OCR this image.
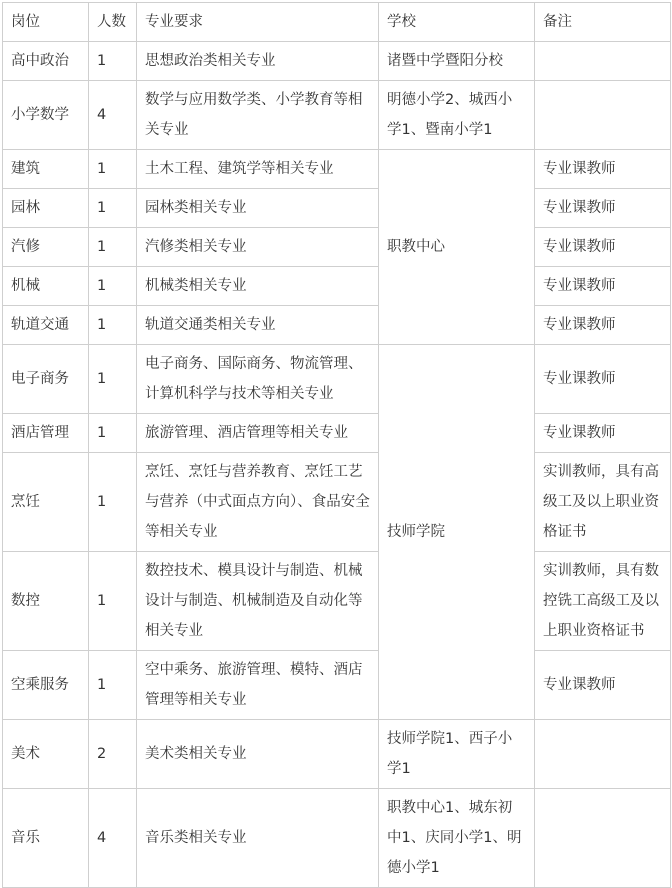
岗位	人数	专业要求	学校	备注
高中政治	1	思想政治类相关专业	诸暨中学暨阳分校	
小学数学	4	数学与应用数学类、小学教育等相关专业	明德小学2、城西小学1、暨南小学1	
建筑	1	土木工程、建筑学等相关专业	职教中心	专业课教师
园林	1	园林类相关专业		专业课教师
汽修	1	汽修类相关专业		专业课教师
机械	1	机械类相关专业		专业课教师
轨道交通	1	轨道交通类相关专业		专业课教师
电子商务	1	电子商务、国际商务、物流管理、计算机科学与技术等相关专业	技师学院	专业课教师
酒店管理	1	旅游管理、酒店管理等相关专业		专业课教师
烹饪	1	烹饪、烹饪与营养教育、烹饪工艺与营养（中式面点方向）、食品安全等相关专业		实训教师，具有高级工及以上职业资格证书
数控	1	数控技术、模具设计与制造、机械设计与制造、机械制造及自动化等相关专业		实训教师，具有数控铣工高级工及以上职业资格证书
空乘服务	1	空中乘务、旅游管理、模特、酒店管理等相关专业		专业课教师
美术	2	美术类相关专业	技师学院1、西子小学1	
音乐	4	音乐类相关专业	职教中心1、城东初中1、庆同小学1、明德小学1	
